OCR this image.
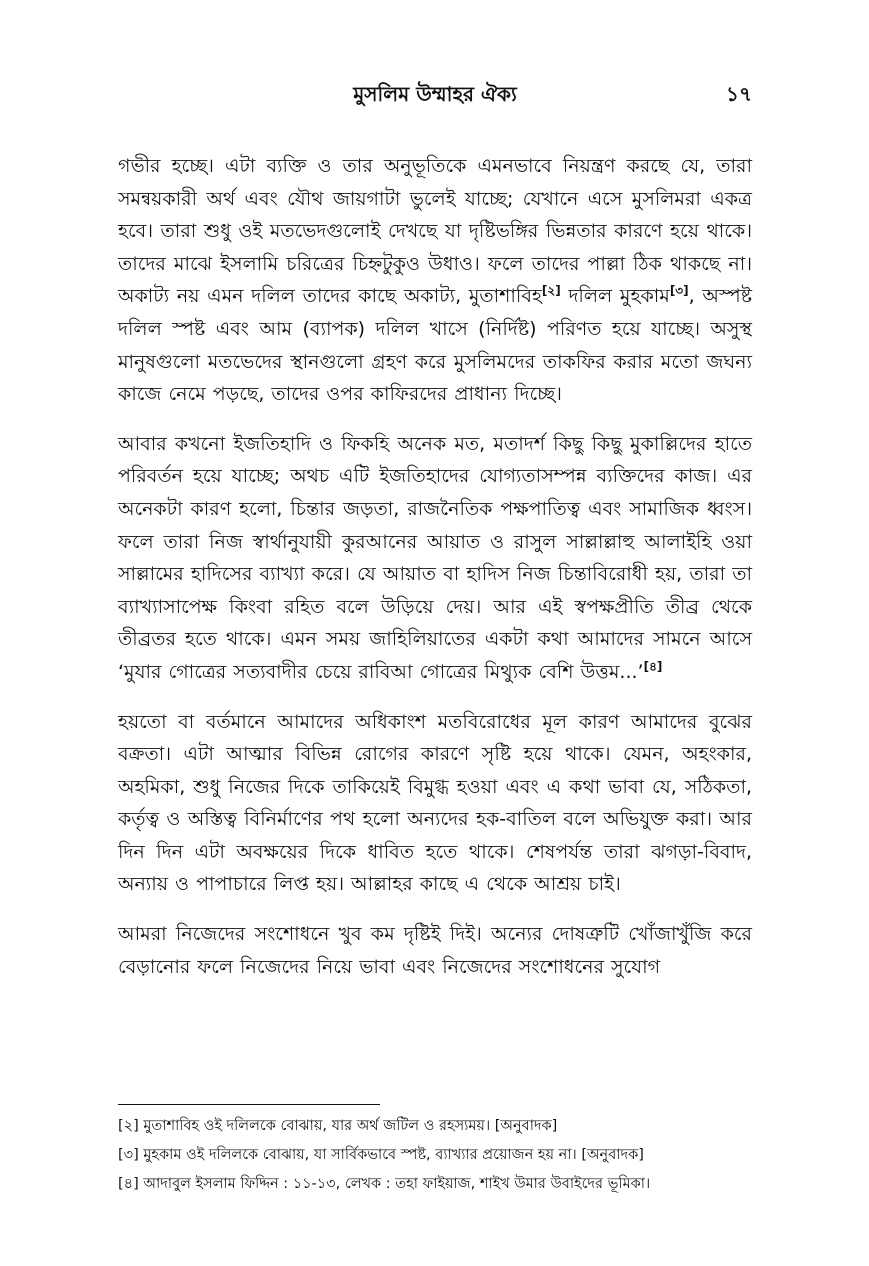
মুসলিম উম্মাহর ঐক্য	১৭

গভীর হচ্ছে। এটা ব্যক্তি ও তার অনুভূতিকে এমনভাবে নিয়ন্ত্রণ করছে যে, তারা সমন্বয়কারী অর্থ এবং যৌথ জায়গাটা ভুলেই যাচ্ছে; যেখানে এসে মুসলিমরা একত্র হবে। তারা শুধু ওই মতভেদগুলোই দেখছে যা দৃষ্টিভঙ্গির ভিন্নতার কারণে হয়ে থাকে। তাদের মাঝে ইসলামি চরিত্রের চিহ্নটুকুও উধাও। ফলে তাদের পাল্লা ঠিক থাকছে না। অকাট্য নয় এমন দলিল তাদের কাছে অকাট্য, মুতাশাবিহ[২] দলিল মুহকাম[৩], অস্পষ্ট দলিল স্পষ্ট এবং আম (ব্যাপক) দলিল খাসে (নির্দিষ্ট) পরিণত হয়ে যাচ্ছে। অসুস্থ মানুষগুলো মতভেদের স্থানগুলো গ্রহণ করে মুসলিমদের তাকফির করার মতো জঘন্য কাজে নেমে পড়ছে, তাদের ওপর কাফিরদের প্রাধান্য দিচ্ছে।

আবার কখনো ইজতিহাদি ও ফিকহি অনেক মত, মতাদর্শ কিছু কিছু মুকাল্লিদের হাতে পরিবর্তন হয়ে যাচ্ছে; অথচ এটি ইজতিহাদের যোগ্যতাসম্পন্ন ব্যক্তিদের কাজ। এর অনেকটা কারণ হলো, চিন্তার জড়তা, রাজনৈতিক পক্ষপাতিত্ব এবং সামাজিক ধ্বংস। ফলে তারা নিজ স্বার্থানুযায়ী কুরআনের আয়াত ও রাসুল সাল্লাল্লাহু আলাইহি ওয়া সাল্লামের হাদিসের ব্যাখ্যা করে। যে আয়াত বা হাদিস নিজ চিন্তাবিরোধী হয়, তারা তা ব্যাখ্যাসাপেক্ষ কিংবা রহিত বলে উড়িয়ে দেয়। আর এই স্বপক্ষপ্রীতি তীব্র থেকে তীব্রতর হতে থাকে। এমন সময় জাহিলিয়াতের একটা কথা আমাদের সামনে আসে ‘মুযার গোত্রের সত্যবাদীর চেয়ে রাবিআ গোত্রের মিথ্যুক বেশি উত্তম...’[৪]

হয়তো বা বর্তমানে আমাদের অধিকাংশ মতবিরোধের মূল কারণ আমাদের বুঝের বক্রতা। এটা আত্মার বিভিন্ন রোগের কারণে সৃষ্টি হয়ে থাকে। যেমন, অহংকার, অহমিকা, শুধু নিজের দিকে তাকিয়েই বিমুগ্ধ হওয়া এবং এ কথা ভাবা যে, সঠিকতা, কর্তৃত্ব ও অস্তিত্ব বিনির্মাণের পথ হলো অন্যদের হক-বাতিল বলে অভিযুক্ত করা। আর দিন দিন এটা অবক্ষয়ের দিকে ধাবিত হতে থাকে। শেষপর্যন্ত তারা ঝগড়া-বিবাদ, অন্যায় ও পাপাচারে লিপ্ত হয়। আল্লাহর কাছে এ থেকে আশ্রয় চাই।

আমরা নিজেদের সংশোধনে খুব কম দৃষ্টিই দিই। অন্যের দোষত্রুটি খোঁজাখুঁজি করে বেড়ানোর ফলে নিজেদের নিয়ে ভাবা এবং নিজেদের সংশোধনের সুযোগ

[২] মুতাশাবিহ ওই দলিলকে বোঝায়, যার অর্থ জটিল ও রহস্যময়। [অনুবাদক]

[৩] মুহকাম ওই দলিলকে বোঝায়, যা সার্বিকভাবে স্পষ্ট, ব্যাখ্যার প্রয়োজন হয় না। [অনুবাদক]

[৪] আদাবুল ইসলাম ফিদ্দিন : ১১-১৩, লেখক : তহা ফাইয়াজ, শাইখ উমার উবাইদের ভূমিকা।
